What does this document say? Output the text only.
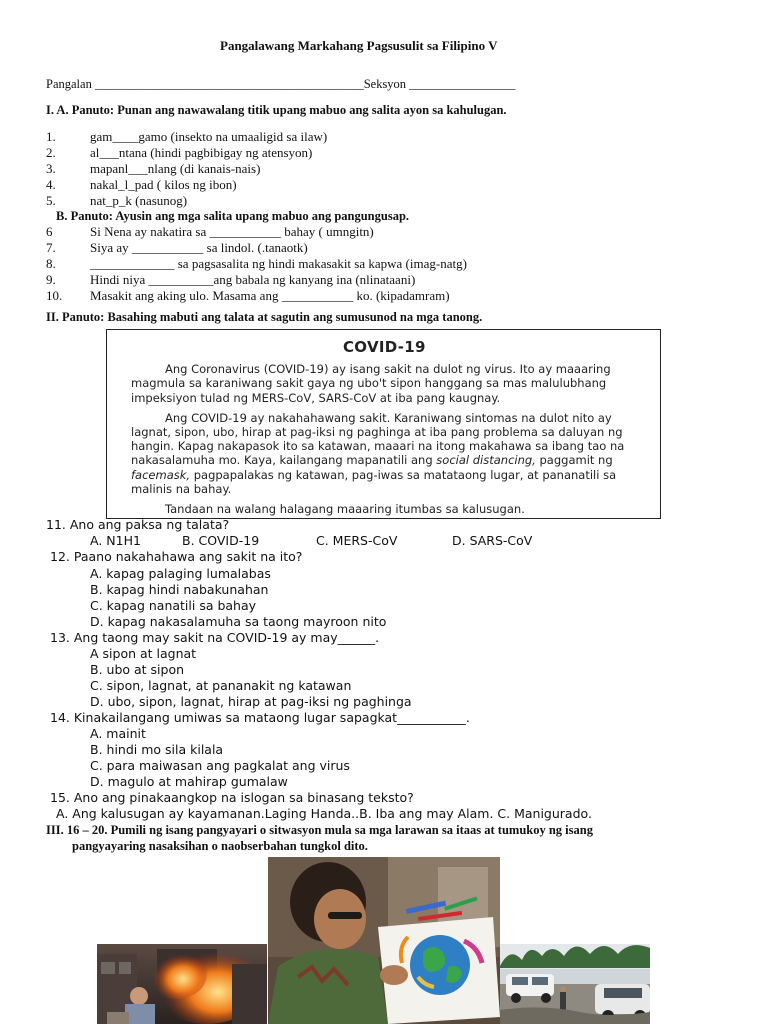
Pangalawang Markahang Pagsusulit sa Filipino V
Pangalan ___________________________________________Seksyon _________________
I. A. Panuto: Punan ang nawawalang titik upang mabuo ang salita ayon sa kahulugan.
1.	gam____gamo (insekto na umaaligid sa ilaw)
2.	al___ntana (hindi pagbibigay ng atensyon)
3.	mapanl___nlang (di kanais-nais)
4.	nakal_l_pad ( kilos ng ibon)
5.	nat_p_k (nasunog)
B. Panuto: Ayusin ang mga salita upang mabuo ang pangungusap.
6	Si Nena ay nakatira sa ___________ bahay ( umngitn)
7.	Siya ay ___________ sa lindol. (.tanaotk)
8.	_____________ sa pagsasalita ng hindi makasakit sa kapwa (imag-natg)
9.	Hindi niya __________ang babala ng kanyang ina (nlinataani)
10. Masakit ang aking ulo. Masama ang ___________ ko. (kipadamram)
II. Panuto: Basahing mabuti ang talata at sagutin ang sumusunod na mga tanong.
COVID-19

Ang Coronavirus (COVID-19) ay isang sakit na dulot ng virus. Ito ay maaaring magmula sa karaniwang sakit gaya ng ubo't sipon hanggang sa mas malulubhang impeksiyon tulad ng MERS-CoV, SARS-CoV at iba pang kaugnay.

Ang COVID-19 ay nakahahawang sakit. Karaniwang sintomas na dulot nito ay lagnat, sipon, ubo, hirap at pag-iksi ng paghinga at iba pang problema sa daluyan ng hangin. Kapag nakapasok ito sa katawan, maaari na itong makahawa sa ibang tao na nakasalamuha mo. Kaya, kailangang mapanatili ang social distancing, paggamit ng facemask, pagpapalakas ng katawan, pag-iwas sa matataong lugar, at pananatili sa malinis na bahay.

Tandaan na walang halagang maaaring itumbas sa kalusugan.

11. Ano ang paksa ng talata?
A. N1H1	B. COVID-19	C. MERS-CoV	D. SARS-CoV
12. Paano nakahahawa ang sakit na ito?
A. kapag palaging lumalabas
B. kapag hindi nabakunahan
C. kapag nanatili sa bahay
D. kapag nakasalamuha sa taong mayroon nito
13. Ang taong may sakit na COVID-19 ay may______.
A sipon at lagnat
B. ubo at sipon
C. sipon, lagnat, at pananakit ng katawan
D. ubo, sipon, lagnat, hirap at pag-iksi ng paghinga
14. Kinakailangang umiwas sa mataong lugar sapagkat___________.
A. mainit
B. hindi mo sila kilala
C. para maiwasan ang pagkalat ang virus
D. magulo at mahirap gumalaw
15. Ano ang pinakaangkop na islogan sa binasang teksto?
A. Ang kalusugan ay kayamanan.Laging Handa..B. Iba ang may Alam. C. Manigurado.
III. 16 – 20. Pumili ng isang pangyayari o sitwasyon mula sa mga larawan sa itaas at tumukoy ng isang
pangyayaring nasaksihan o naobserbahan tungkol dito.
